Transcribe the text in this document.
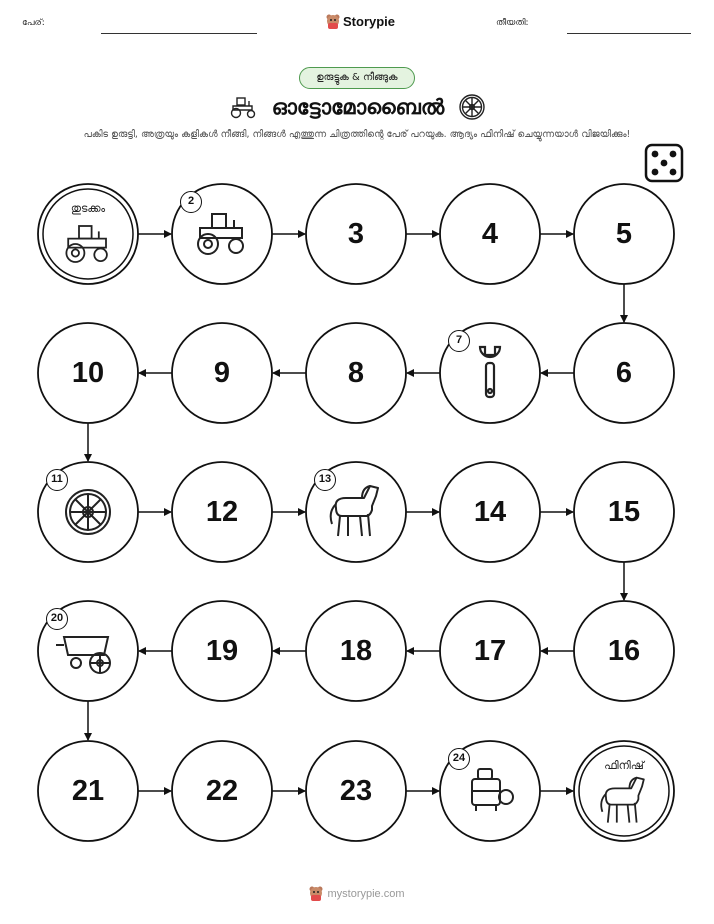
പേര്:	Storypie	തീയതി:
ഉരുട്ടുക & നീങ്ങുക
ഓട്ടോമോബൈൽ
പകിട ഉരുട്ടി, അത്രയും കളികൾ നീങ്ങി, നിങ്ങൾ എത്തുന്ന ചിത്രത്തിന്റെ പേര് പറയുക. ആദ്യം ഫിനിഷ് ചെയ്യുന്നയാൾ വിജയിക്കും!
തുടക്കം
2
3	4	5
6
7
8
9
10
11
12
13
14	15
16
17
18
19
20
21	22	23
24
ഫിനിഷ്
mystorypie.com
